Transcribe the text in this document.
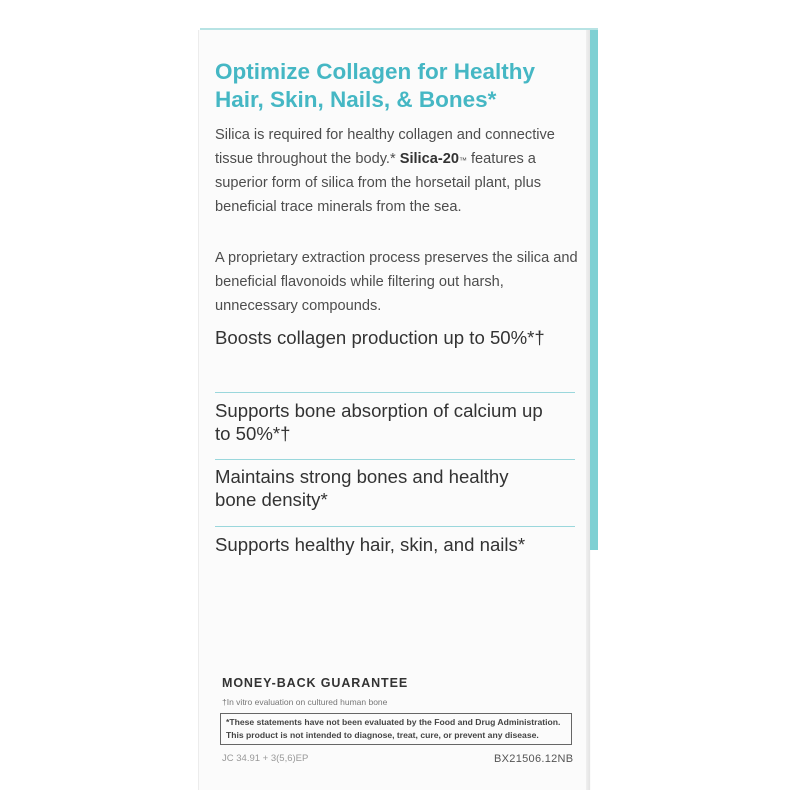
Optimize Collagen for Healthy Hair, Skin, Nails, & Bones*

Silica is required for healthy collagen and connective tissue throughout the body.* Silica-20™ features a superior form of silica from the horsetail plant, plus beneficial trace minerals from the sea.

A proprietary extraction process preserves the silica and beneficial flavonoids while filtering out harsh, unnecessary compounds.

Boosts collagen production up to 50%*†
Supports bone absorption of calcium up to 50%*†
Maintains strong bones and healthy bone density*
Supports healthy hair, skin, and nails*
MONEY-BACK GUARANTEE
†In vitro evaluation on cultured human bone
*These statements have not been evaluated by the Food and Drug Administration.
This product is not intended to diagnose, treat, cure, or prevent any disease.
JC 34.91 + 3(5,6)EP	BX21506.12NB
